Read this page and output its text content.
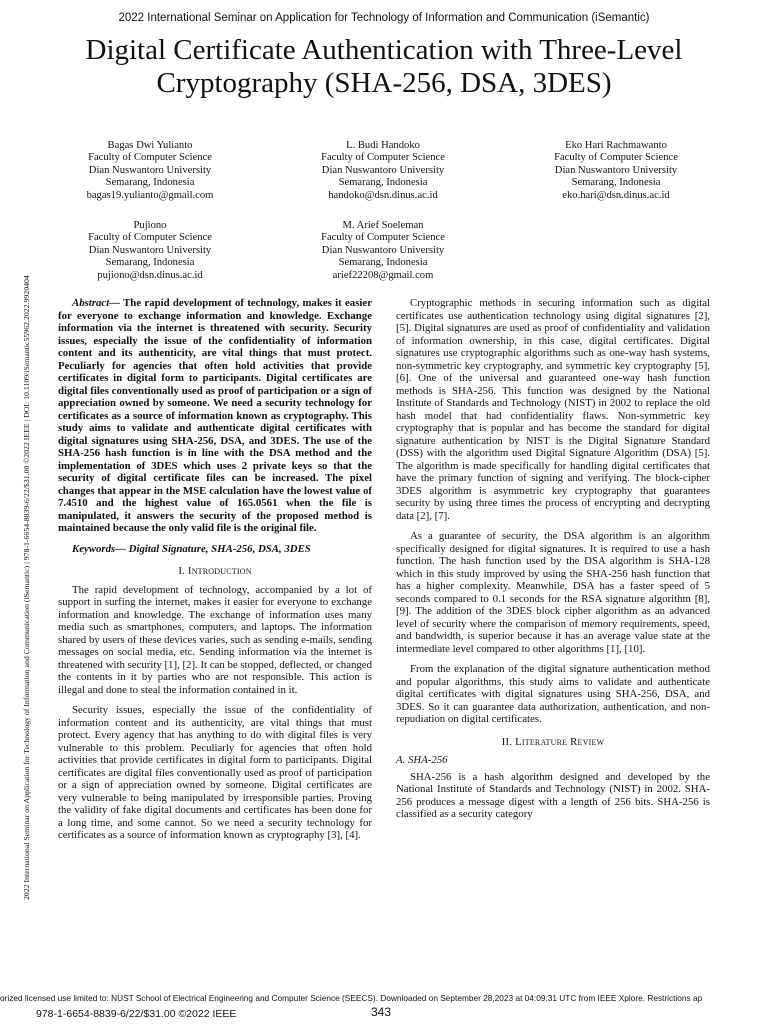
2022 International Seminar on Application for Technology of Information and Communication (iSemantic)
Digital Certificate Authentication with Three-Level
Cryptography (SHA-256, DSA, 3DES)
2022 International Seminar on Application for Technology of Information and Communication (iSemantic) | 978-1-6654-8839-6/22/$31.00 ©2022 IEEE | DOI: 10.1109/iSemantic55962.2022.9920404
Bagas Dwi Yulianto
Faculty of Computer Science
Dian Nuswantoro University
Semarang, Indonesia
bagas19.yulianto@gmail.com
L. Budi Handoko
Faculty of Computer Science
Dian Nuswantoro University
Semarang, Indonesia
handoko@dsn.dinus.ac.id
Eko Hari Rachmawanto
Faculty of Computer Science
Dian Nuswantoro University
Semarang, Indonesia
eko.hari@dsn.dinus.ac.id
Pujiono
Faculty of Computer Science
Dian Nuswantoro University
Semarang, Indonesia
pujiono@dsn.dinus.ac.id
M. Arief Soeleman
Faculty of Computer Science
Dian Nuswantoro University
Semarang, Indonesia
arief22208@gmail.com

Abstract— The rapid development of technology, makes it easier for everyone to exchange information and knowledge. Exchange information via the internet is threatened with security. Security issues, especially the issue of the confidentiality of information content and its authenticity, are vital things that must protect. Peculiarly for agencies that often hold activities that provide certificates in digital form to participants. Digital certificates are digital files conventionally used as proof of participation or a sign of appreciation owned by someone. We need a security technology for certificates as a source of information known as cryptography. This study aims to validate and authenticate digital certificates with digital signatures using SHA-256, DSA, and 3DES. The use of the SHA-256 hash function is in line with the DSA method and the implementation of 3DES which uses 2 private keys so that the security of digital certificate files can be increased. The pixel changes that appear in the MSE calculation have the lowest value of 7.4510 and the highest value of 165.0561 when the file is manipulated, it answers the security of the proposed method is maintained because the only valid file is the original file.

Keywords— Digital Signature, SHA-256, DSA, 3DES

I. Introduction

The rapid development of technology, accompanied by a lot of support in surfing the internet, makes it easier for everyone to exchange information and knowledge. The exchange of information uses many media such as smartphones, computers, and laptops. The information shared by users of these devices varies, such as sending e-mails, sending messages on social media, etc. Sending information via the internet is threatened with security [1], [2]. It can be stopped, deflected, or changed the contents in it by parties who are not responsible. This action is illegal and done to steal the information contained in it.

Security issues, especially the issue of the confidentiality of information content and its authenticity, are vital things that must protect. Every agency that has anything to do with digital files is very vulnerable to this problem. Peculiarly for agencies that often hold activities that provide certificates in digital form to participants. Digital certificates are digital files conventionally used as proof of participation or a sign of appreciation owned by someone. Digital certificates are very vulnerable to being manipulated by irresponsible parties. Proving the validity of fake digital documents and certificates has been done for a long time, and some cannot. So we need a security technology for certificates as a source of information known as cryptography [3], [4].

Cryptographic methods in securing information such as digital certificates use authentication technology using digital signatures [2], [5]. Digital signatures are used as proof of confidentiality and validation of information ownership, in this case, digital certificates. Digital signatures use cryptographic algorithms such as one-way hash systems, non-symmetric key cryptography, and symmetric key cryptography [5], [6]. One of the universal and guaranteed one-way hash function methods is SHA-256. This function was designed by the National Institute of Standards and Technology (NIST) in 2002 to replace the old hash model that had confidentiality flaws. Non-symmetric key cryptography that is popular and has become the standard for digital signature authentication by NIST is the Digital Signature Standard (DSS) with the algorithm used Digital Signature Algorithm (DSA) [5]. The algorithm is made specifically for handling digital certificates that have the primary function of signing and verifying. The block-cipher 3DES algorithm is asymmetric key cryptography that guarantees security by using three times the process of encrypting and decrypting data [2], [7].

As a guarantee of security, the DSA algorithm is an algorithm specifically designed for digital signatures. It is required to use a hash function. The hash function used by the DSA algorithm is SHA-128 which in this study improved by using the SHA-256 hash function that has a higher complexity. Meanwhile, DSA has a faster speed of 5 seconds compared to 0.1 seconds for the RSA signature algorithm [8], [9]. The addition of the 3DES block cipher algorithm as an advanced level of security where the comparison of memory requirements, speed, and bandwidth, is superior because it has an average value state at the intermediate level compared to other algorithms [1], [10].

From the explanation of the digital signature authentication method and popular algorithms, this study aims to validate and authenticate digital certificates with digital signatures using SHA-256, DSA, and 3DES. So it can guarantee data authorization, authentication, and non-repudiation on digital certificates.

II. Literature Review

A. SHA-256

SHA-256 is a hash algorithm designed and developed by the National Institute of Standards and Technology (NIST) in 2002. SHA-256 produces a message digest with a length of 256 bits. SHA-256 is classified as a security category

orized licensed use limited to: NUST School of Electrical Engineering and Computer Science (SEECS). Downloaded on September 28,2023 at 04:09:31 UTC from IEEE Xplore. Restrictions ap
978-1-6654-8839-6/22/$31.00 ©2022 IEEE	343
